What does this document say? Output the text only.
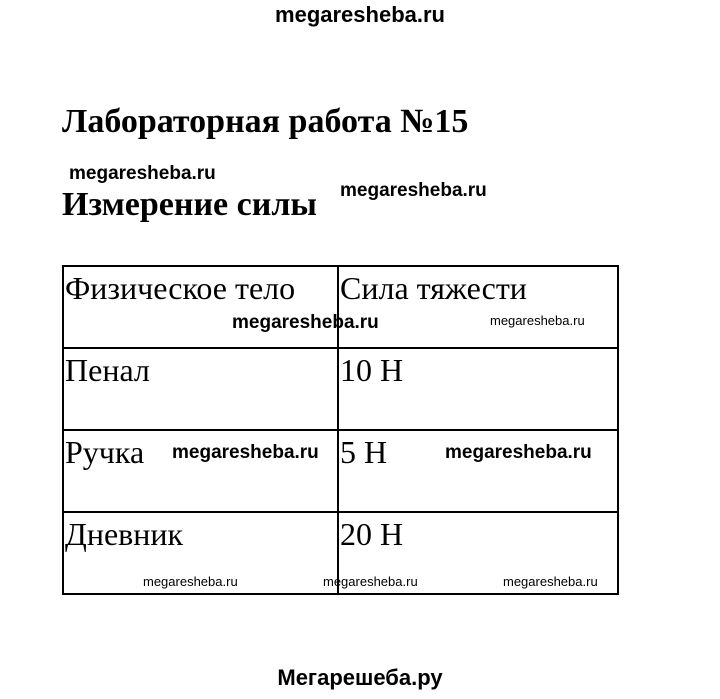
megaresheba.ru
Лабораторная работа №15
megaresheba.ru
Измерение силы megaresheba.ru
Физическое тело	Сила тяжести
Пенал	10 Н
Ручка	5 Н
Дневник	20 Н
megaresheba.ru	megaresheba.ru
megaresheba.ru	megaresheba.ru
megaresheba.ru	megaresheba.ru	megaresheba.ru
Мегарешеба.ру
